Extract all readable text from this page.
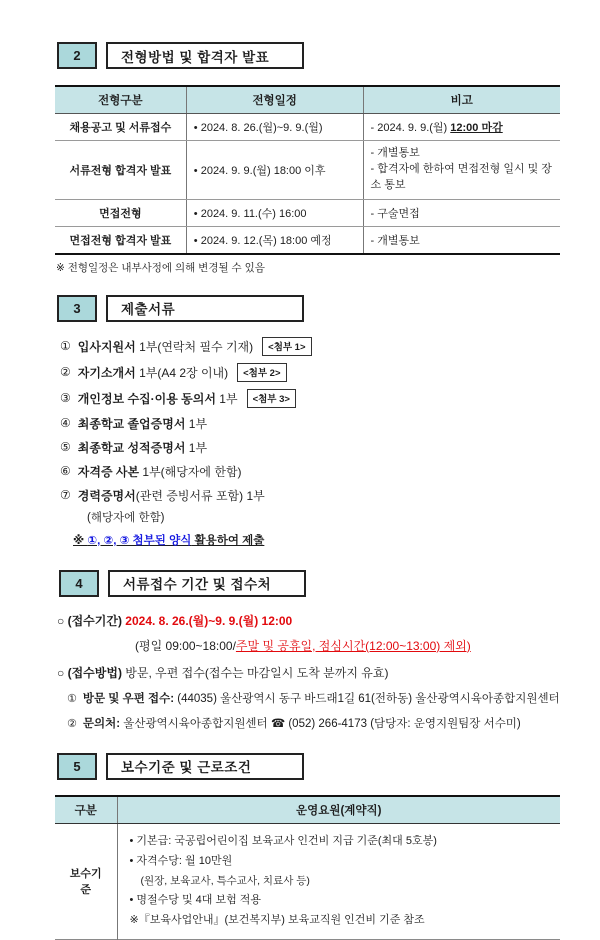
2	전형방법 및 합격자 발표
전형구분	전형일정	비고
채용공고 및 서류접수	• 2024. 8. 26.(월)~9. 9.(월)	- 2024. 9. 9.(월) 12:00 마감
서류전형 합격자 발표	• 2024. 9. 9.(월) 18:00 이후	- 개별통보
- 합격자에 한하여 면접전형 일시 및 장소 통보

면접전형	• 2024. 9. 11.(수) 16:00	- 구술면접
면접전형 합격자 발표	• 2024. 9. 12.(목) 18:00 예정	- 개별통보
※ 전형일정은 내부사정에 의해 변경될 수 있음
3	제출서류
① 입사지원서 1부(연락처 필수 기재)	<첨부 1>
② 자기소개서 1부(A4 2장 이내)	<첨부 2>
③ 개인정보 수집·이용 동의서 1부	<첨부 3>
④ 최종학교 졸업증명서 1부
⑤ 최종학교 성적증명서 1부
⑥ 자격증 사본 1부(해당자에 한함)
⑦ 경력증명서(관련 증빙서류 포함) 1부
(해당자에 한함)
※ ①, ②, ③ 첨부된 양식 활용하여 제출
4	서류접수 기간 및 접수처
○ (접수기간) 2024. 8. 26.(월)~9. 9.(월) 12:00
(평일 09:00~18:00/주말 및 공휴일, 점심시간(12:00~13:00) 제외)
○ (접수방법) 방문, 우편 접수(접수는 마감일시 도착 분까지 유효)
① 방문 및 우편 접수: (44035) 울산광역시 동구 바드래1길 61(전하동) 울산광역시육아종합지원센터
② 문의처: 울산광역시육아종합지원센터 ☎ (052) 266-4173 (담당자: 운영지원팀장 서수미)
5	보수기준 및 근로조건
구분	운영요원(계약직)
보수기준	• 기본급: 국공립어린이집 보육교사 인건비 지급 기준(최대 5호봉)
• 자격수당: 월 10만원
(원장, 보육교사, 특수교사, 치료사 등)
• 명절수당 및 4대 보험 적용
※『보육사업안내』(보건복지부) 보육교직원 인건비 기준 참조
